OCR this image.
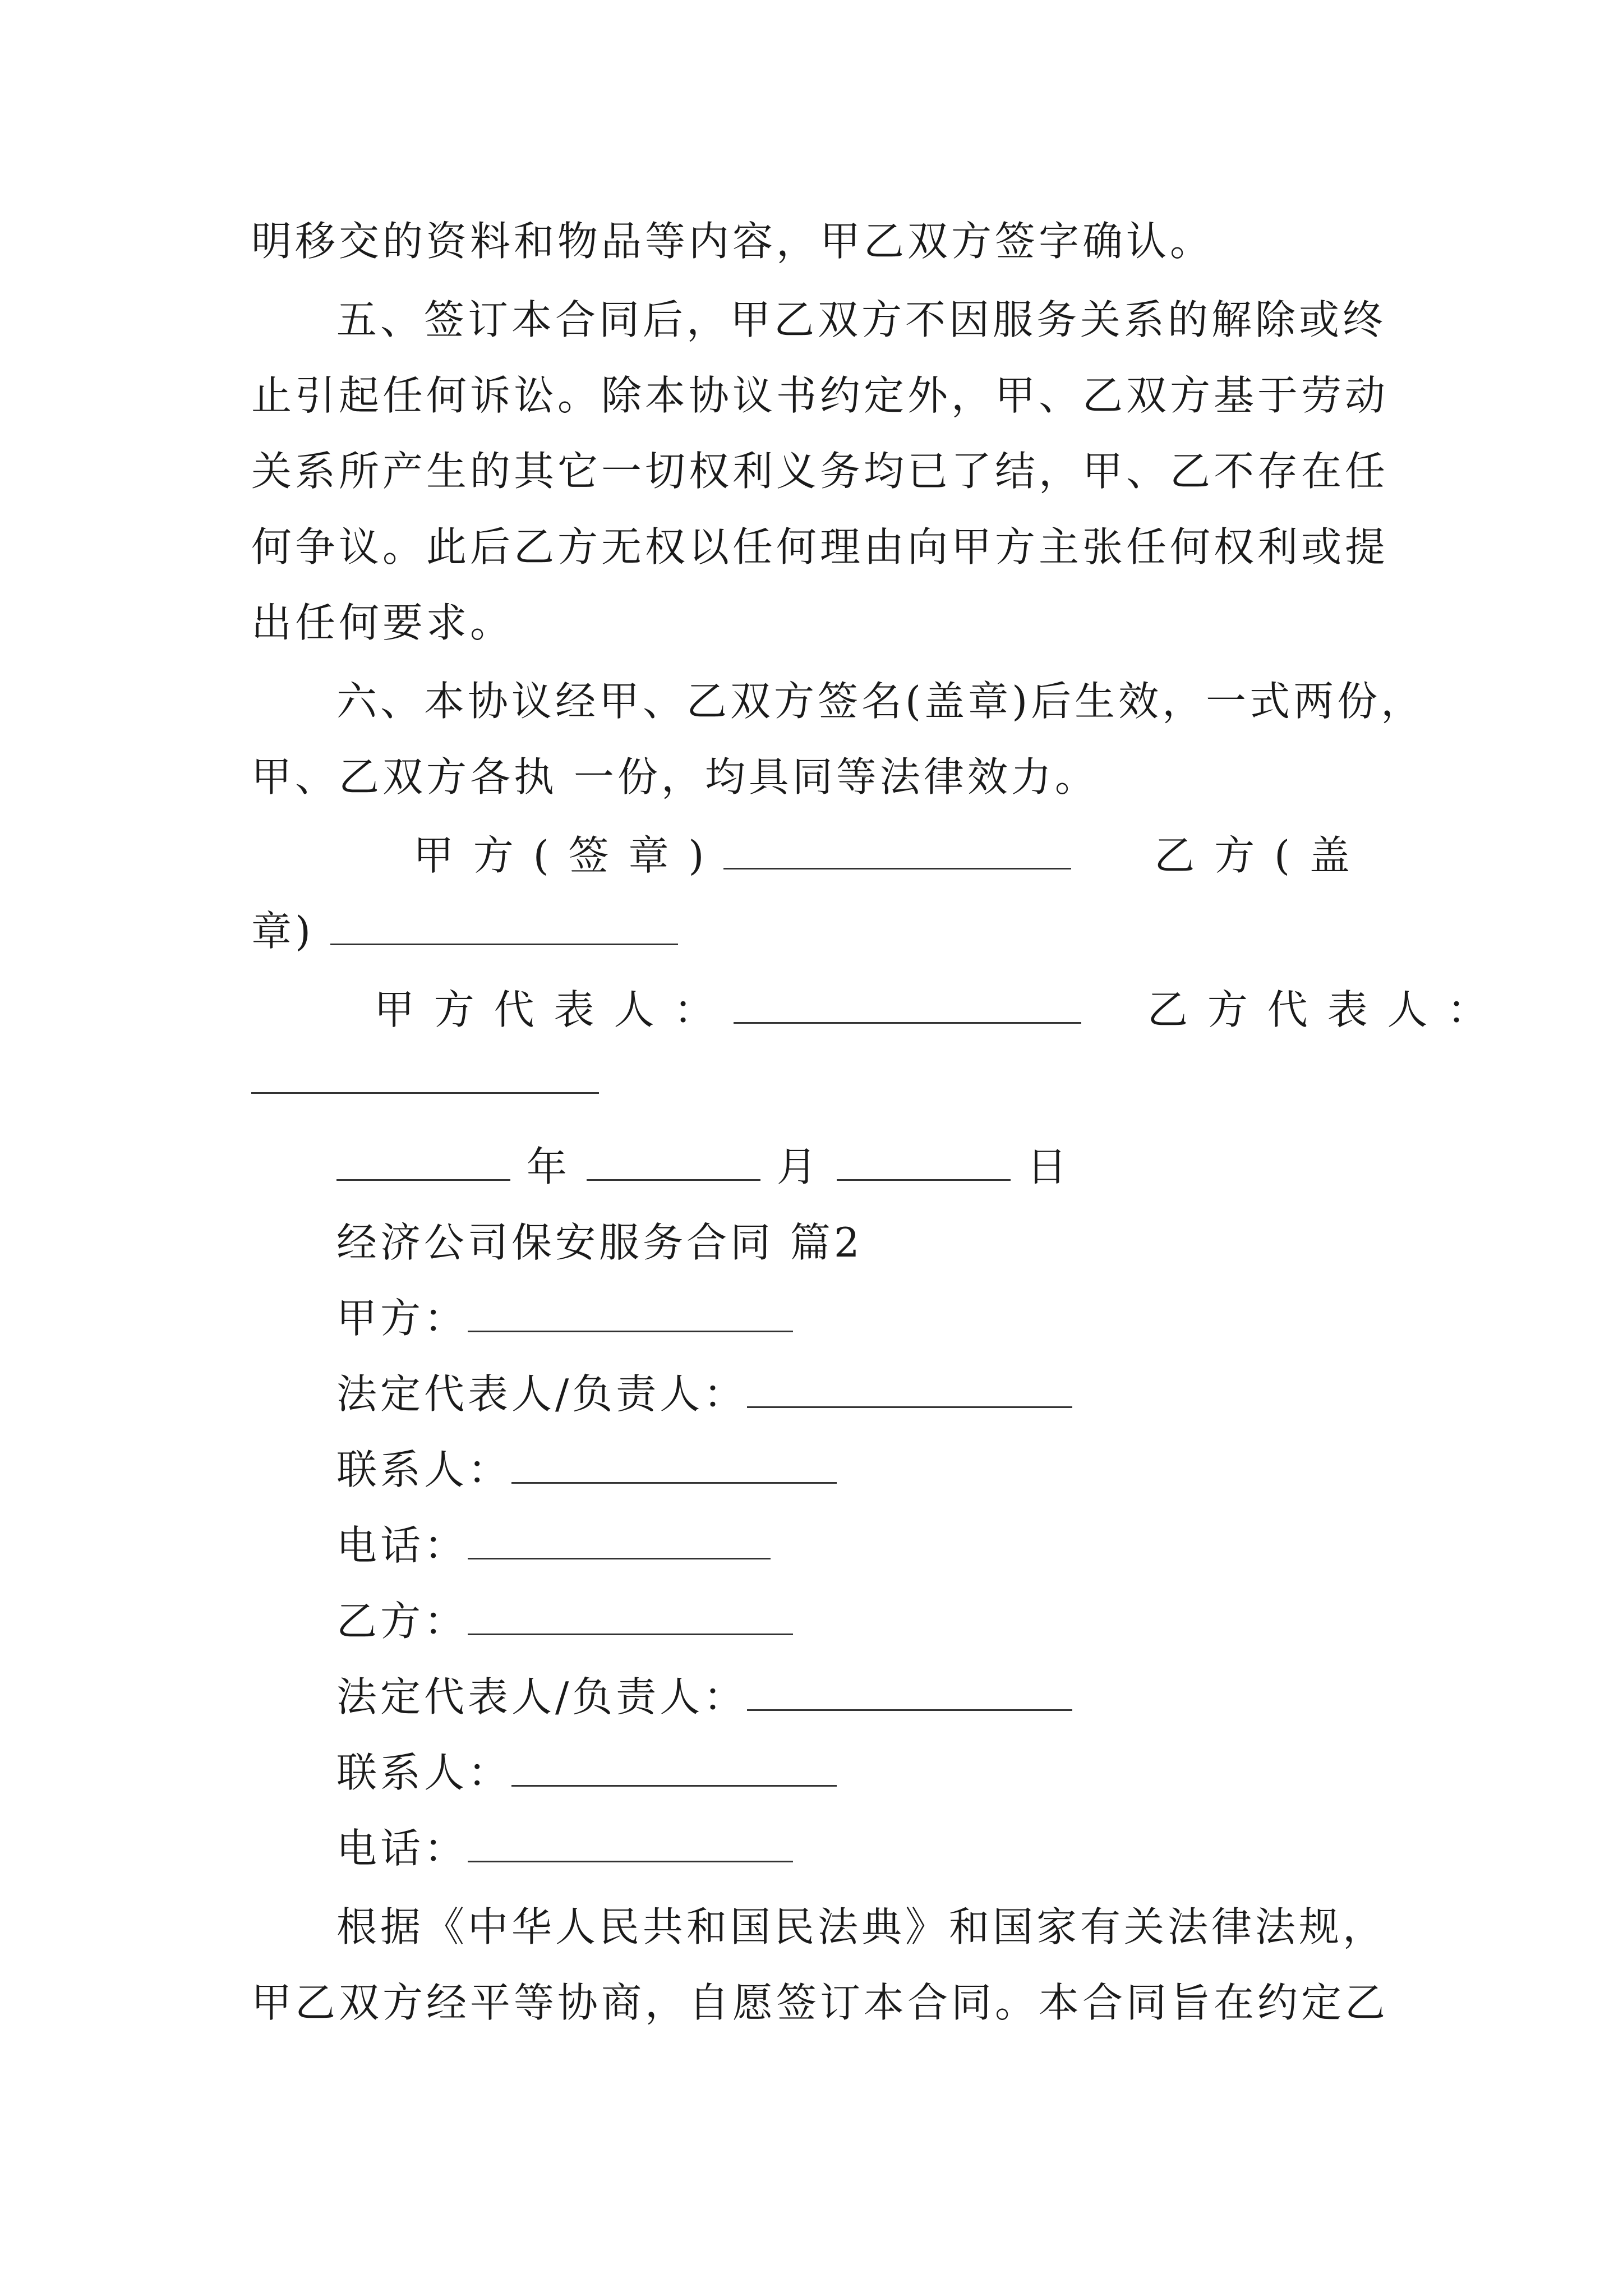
明移交的资料和物品等内容，甲乙双方签字确认。
五、签订本合同后，甲乙双方不因服务关系的解除或终
止引起任何诉讼。除本协议书约定外，甲、乙双方基于劳动
关系所产生的其它一切权利义务均已了结，甲、乙不存在任
何争议。此后乙方无权以任何理由向甲方主张任何权利或提
出任何要求。
六、本协议经甲、乙双方签名(盖章)后生效，一式两份，
甲、乙双方各执 一份，均具同等法律效力。
甲 方 ( 签 章 )	乙 方 ( 盖
章)
甲 方 代 表 人 ：	乙 方 代 表 人 ：
年	月	日
经济公司保安服务合同 篇2
甲方：
法定代表人/负责人：
联系人：
电话：
乙方：
法定代表人/负责人：
联系人：
电话：
根据《中华人民共和国民法典》和国家有关法律法规，
甲乙双方经平等协商，自愿签订本合同。本合同旨在约定乙
